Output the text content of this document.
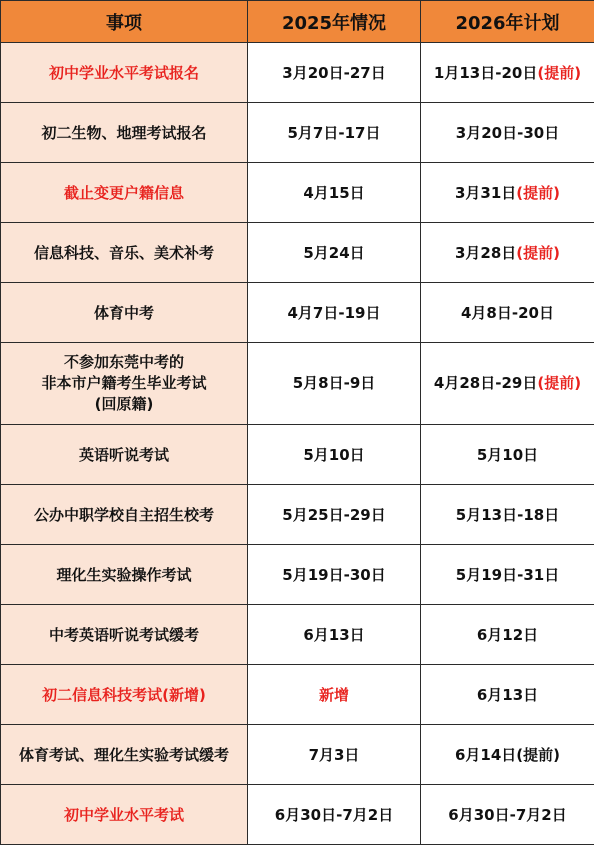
事项	2025年情况	2026年计划
初中学业水平考试报名	3月20日-27日	1月13日-20日(提前)
初二生物、地理考试报名	5月7日-17日	3月20日-30日
截止变更户籍信息	4月15日	3月31日(提前)
信息科技、音乐、美术补考	5月24日	3月28日(提前)
体育中考	4月7日-19日	4月8日-20日
不参加东莞中考的
非本市户籍考生毕业考试
(回原籍)	5月8日-9日	4月28日-29日(提前)
英语听说考试	5月10日	5月10日
公办中职学校自主招生校考	5月25日-29日	5月13日-18日
理化生实验操作考试	5月19日-30日	5月19日-31日
中考英语听说考试缓考	6月13日	6月12日
初二信息科技考试(新增)	新增	6月13日
体育考试、理化生实验考试缓考	7月3日	6月14日(提前)
初中学业水平考试	6月30日-7月2日	6月30日-7月2日
